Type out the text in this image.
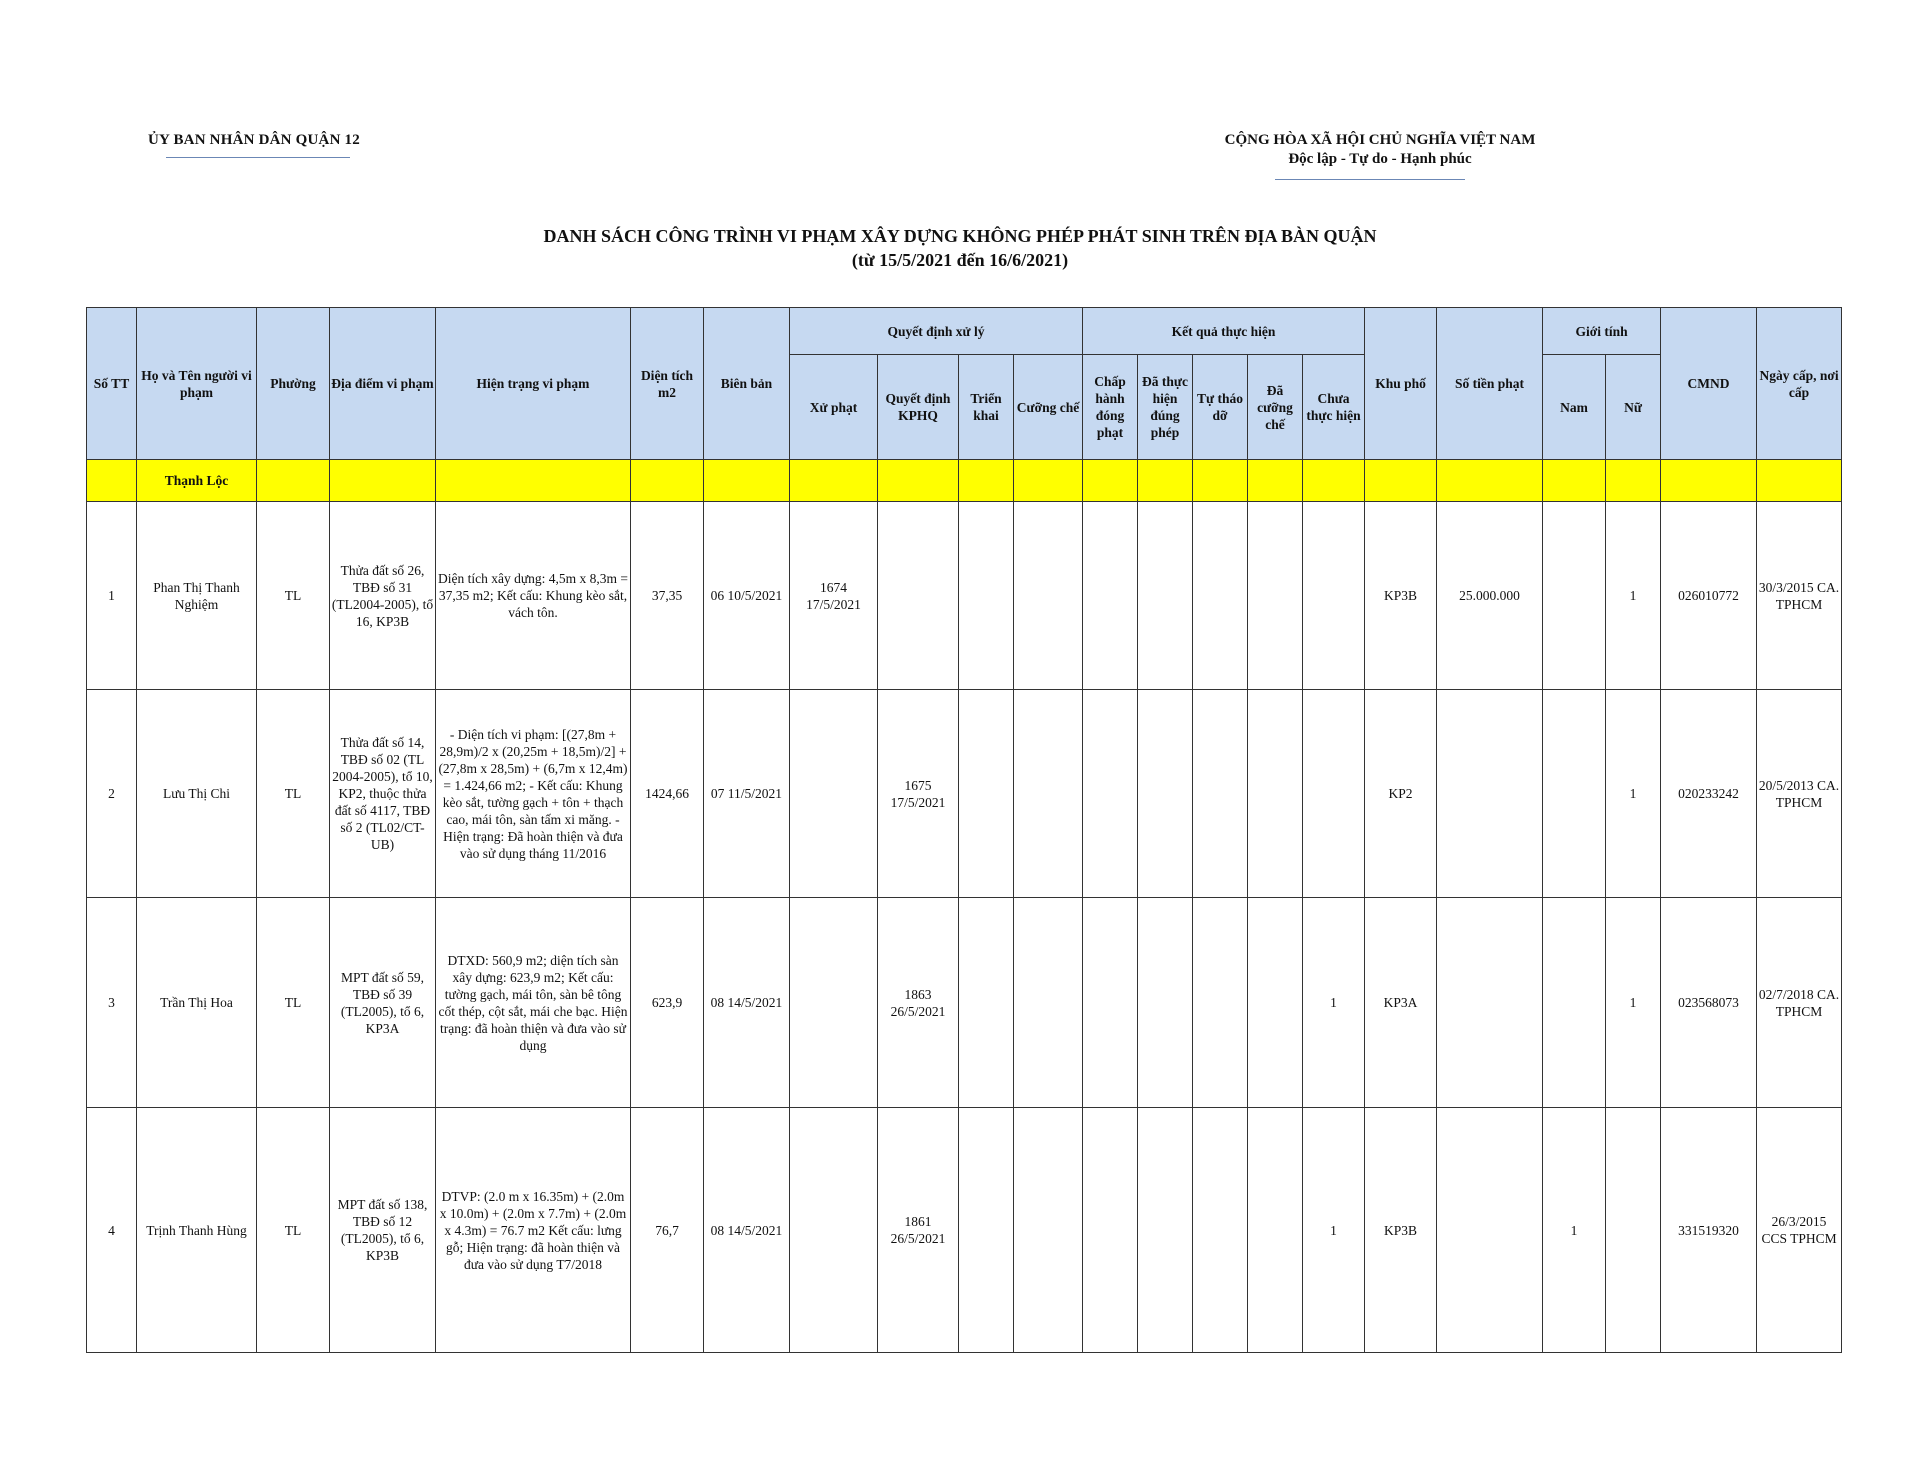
ỦY BAN NHÂN DÂN QUẬN 12	CỘNG HÒA XÃ HỘI CHỦ NGHĨA VIỆT NAM
Độc lập - Tự do - Hạnh phúc
DANH SÁCH CÔNG TRÌNH VI PHẠM XÂY DỰNG KHÔNG PHÉP PHÁT SINH TRÊN ĐỊA BÀN QUẬN
(từ 15/5/2021 đến 16/6/2021)
Số TT	Họ và Tên người vi phạm	Phường	Địa điểm vi phạm	Hiện trạng vi phạm	Diện tích m2	Biên bản	Quyết định xử lý				Kết quả thực hiện					Khu phố	Số tiền phạt	Giới tính		CMND	Ngày cấp, nơi cấp
							Xử phạt	Quyết định KPHQ	Triển khai	Cưỡng chế	Chấp hành đóng phạt	Đã thực hiện đúng phép	Tự tháo dỡ	Đã cưỡng chế	Chưa thực hiện			Nam	Nữ		
	Thạnh Lộc																				
1	Phan Thị Thanh Nghiệm	TL	Thửa đất số 26, TBĐ số 31 (TL2004-2005), tổ 16, KP3B	Diện tích xây dựng: 4,5m x 8,3m = 37,35 m2; Kết cấu: Khung kèo sắt, vách tôn.	37,35	06 10/5/2021	1674 17/5/2021									KP3B	25.000.000		1	026010772	30/3/2015 CA. TPHCM
2	Lưu Thị Chi	TL	Thửa đất số 14, TBĐ số 02 (TL 2004-2005), tổ 10, KP2, thuộc thửa đất số 4117, TBĐ số 2 (TL02/CT-UB)	- Diện tích vi phạm: [(27,8m + 28,9m)/2 x (20,25m + 18,5m)/2] + (27,8m x 28,5m) + (6,7m x 12,4m) = 1.424,66 m2; - Kết cấu: Khung kèo sắt, tường gạch + tôn + thạch cao, mái tôn, sàn tấm xi măng. - Hiện trạng: Đã hoàn thiện và đưa vào sử dụng tháng 11/2016	1424,66	07 11/5/2021		1675 17/5/2021								KP2			1	020233242	20/5/2013 CA. TPHCM
3	Trần Thị Hoa	TL	MPT đất số 59, TBĐ số 39 (TL2005), tổ 6, KP3A	DTXD: 560,9 m2; diện tích sàn xây dựng: 623,9 m2; Kết cấu: tường gạch, mái tôn, sàn bê tông cốt thép, cột sắt, mái che bạc. Hiện trạng: đã hoàn thiện và đưa vào sử dụng	623,9	08 14/5/2021		1863 26/5/2021							1	KP3A			1	023568073	02/7/2018 CA. TPHCM
4	Trịnh Thanh Hùng	TL	MPT đất số 138, TBĐ số 12 (TL2005), tổ 6, KP3B	DTVP: (2.0 m x 16.35m) + (2.0m x 10.0m) + (2.0m x 7.7m) + (2.0m x 4.3m) = 76.7 m2 Kết cấu: lưng gỗ; Hiện trạng: đã hoàn thiện và đưa vào sử dụng T7/2018	76,7	08 14/5/2021		1861 26/5/2021							1	KP3B		1		331519320	26/3/2015 CCS TPHCM
